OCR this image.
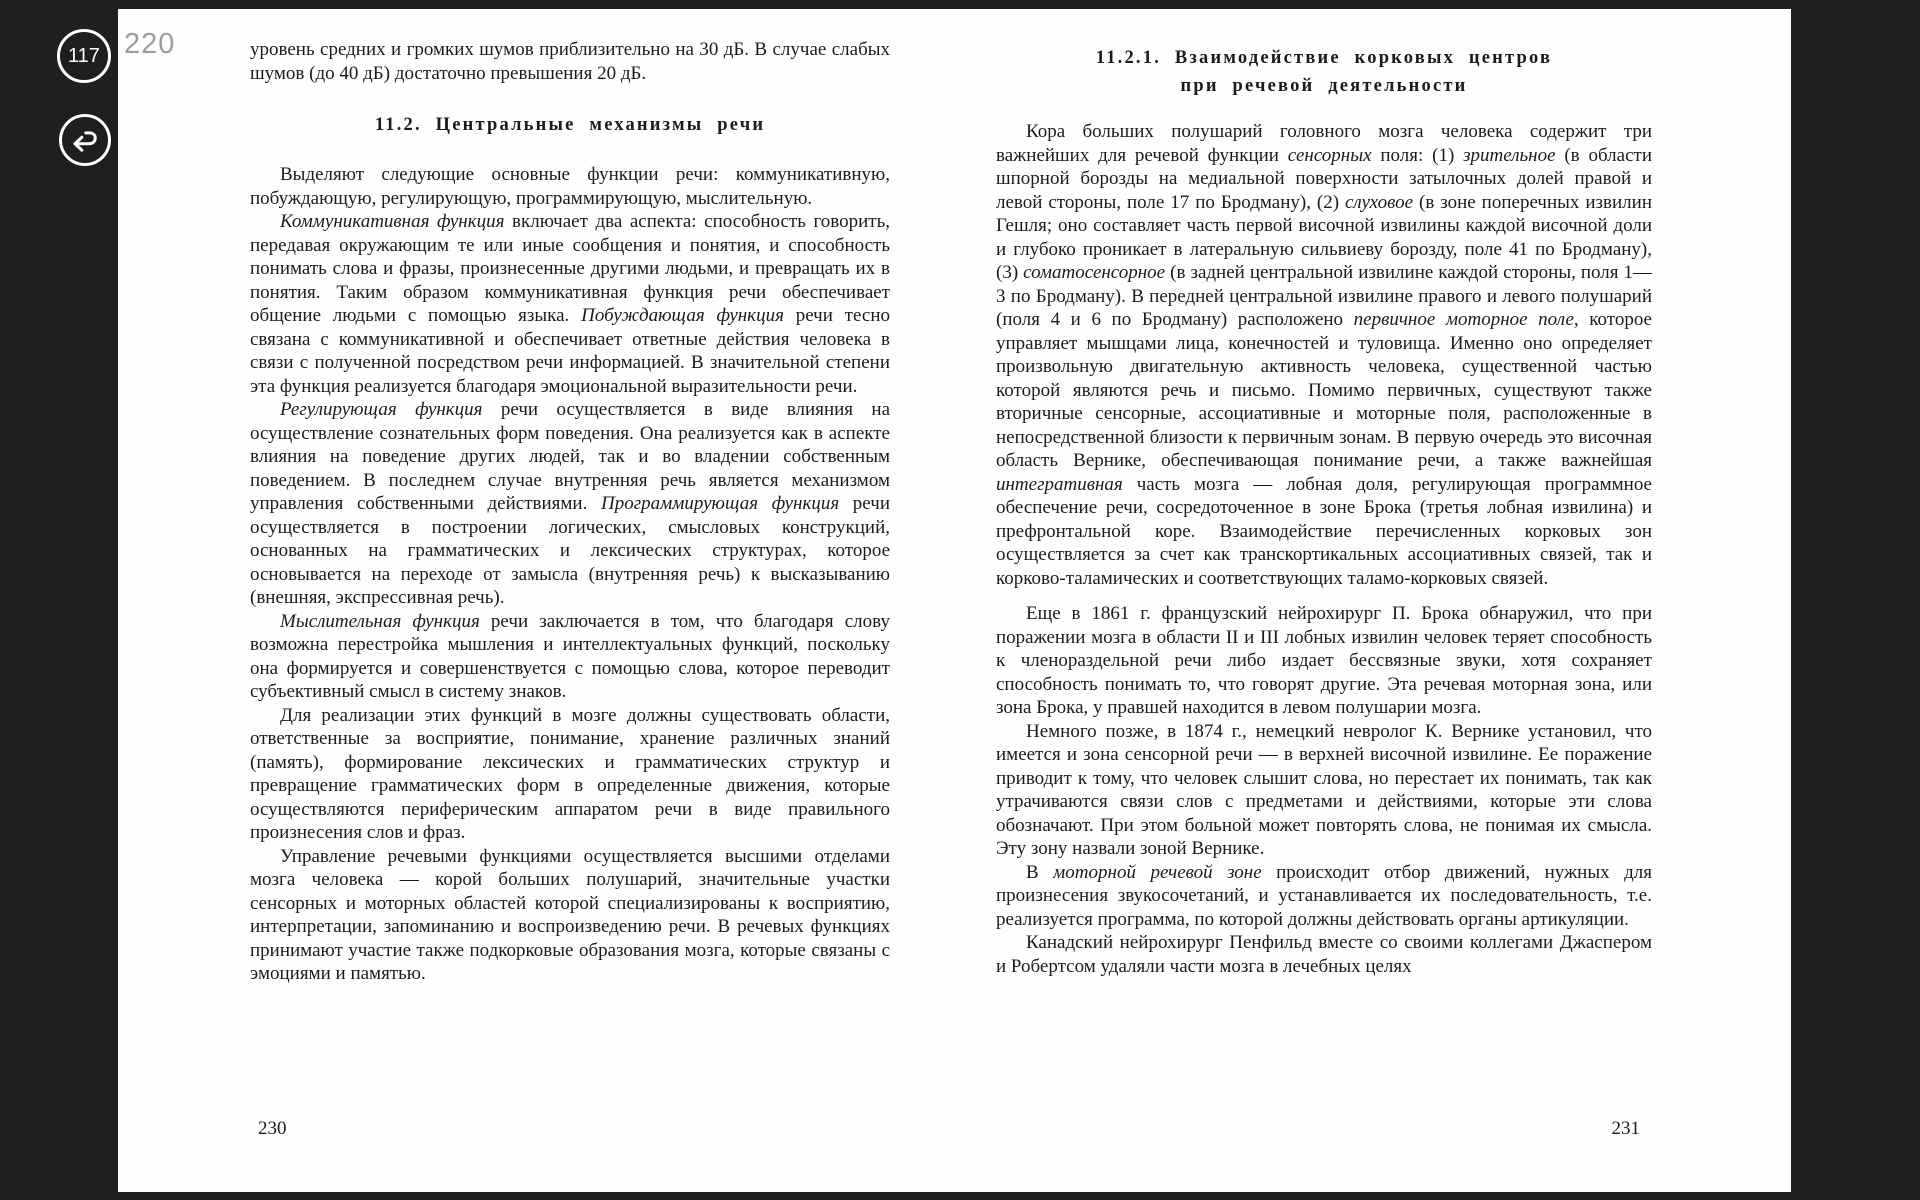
117 220	уровень средних и громких шумов приблизительно на 30 дБ. В случае слабых шумов (до 40 дБ) достаточно превышения 20 дБ.

11.2. Центральные механизмы речи

Выделяют следующие основные функции речи: коммуникативную, побуждающую, регулирующую, программирующую, мыслительную.

Коммуникативная функция включает два аспекта: способность говорить, передавая окружающим те или иные сообщения и понятия, и способность понимать слова и фразы, произнесенные другими людьми, и превращать их в понятия. Таким образом коммуникативная функция речи обеспечивает общение людьми с помощью языка. Побуждающая функция речи тесно связана с коммуникативной и обеспечивает ответные действия человека в связи с полученной посредством речи информацией. В значительной степени эта функция реализуется благодаря эмоциональной выразительности речи.

Регулирующая функция речи осуществляется в виде влияния на осуществление сознательных форм поведения. Она реализуется как в аспекте влияния на поведение других людей, так и во владении собственным поведением. В последнем случае внутренняя речь является механизмом управления собственными действиями. Программирующая функция речи осуществляется в построении логических, смысловых конструкций, основанных на грамматических и лексических структурах, которое основывается на переходе от замысла (внутренняя речь) к высказыванию (внешняя, экспрессивная речь).

Мыслительная функция речи заключается в том, что благодаря слову возможна перестройка мышления и интеллектуальных функций, поскольку она формируется и совершенствуется с помощью слова, которое переводит субъективный смысл в систему знаков.

Для реализации этих функций в мозге должны существовать области, ответственные за восприятие, понимание, хранение различных знаний (память), формирование лексических и грамматических структур и превращение грамматических форм в определенные движения, которые осуществляются периферическим аппаратом речи в виде правильного произнесения слов и фраз.

Управление речевыми функциями осуществляется высшими отделами мозга человека — корой больших полушарий, значительные участки сенсорных и моторных областей которой специализированы к восприятию, интерпретации, запоминанию и воспроизведению речи. В речевых функциях принимают участие также подкорковые образования мозга, которые связаны с эмоциями и памятью.

11.2.1. Взаимодействие корковых центров
при речевой деятельности

Кора больших полушарий головного мозга человека содержит три важнейших для речевой функции сенсорных поля: (1) зрительное (в области шпорной борозды на медиальной поверхности затылочных долей правой и левой стороны, поле 17 по Бродману), (2) слуховое (в зоне поперечных извилин Гешля; оно составляет часть первой височной извилины каждой височной доли и глубоко проникает в латеральную сильвиеву борозду, поле 41 по Бродману), (3) соматосенсорное (в задней центральной извилине каждой стороны, поля 1—3 по Бродману). В передней центральной извилине правого и левого полушарий (поля 4 и 6 по Бродману) расположено первичное моторное поле, которое управляет мышцами лица, конечностей и туловища. Именно оно определяет произвольную двигательную активность человека, существенной частью которой являются речь и письмо. Помимо первичных, существуют также вторичные сенсорные, ассоциативные и моторные поля, расположенные в непосредственной близости к первичным зонам. В первую очередь это височная область Вернике, обеспечивающая понимание речи, а также важнейшая интегративная часть мозга — лобная доля, регулирующая программное обеспечение речи, сосредоточенное в зоне Брока (третья лобная извилина) и префронтальной коре. Взаимодействие перечисленных корковых зон осуществляется за счет как транскортикальных ассоциативных связей, так и корково-таламических и соответствующих таламо-корковых связей.

Еще в 1861 г. французский нейрохирург П. Брока обнаружил, что при поражении мозга в области II и III лобных извилин человек теряет способность к членораздельной речи либо издает бессвязные звуки, хотя сохраняет способность понимать то, что говорят другие. Эта речевая моторная зона, или зона Брока, у правшей находится в левом полушарии мозга.

Немного позже, в 1874 г., немецкий невролог К. Вернике установил, что имеется и зона сенсорной речи — в верхней височной извилине. Ее поражение приводит к тому, что человек слышит слова, но перестает их понимать, так как утрачиваются связи слов с предметами и действиями, которые эти слова обозначают. При этом больной может повторять слова, не понимая их смысла. Эту зону назвали зоной Вернике.

В моторной речевой зоне происходит отбор движений, нужных для произнесения звукосочетаний, и устанавливается их последовательность, т.е. реализуется программа, по которой должны действовать органы артикуляции.

Канадский нейрохирург Пенфильд вместе со своими коллегами Джаспером и Робертсом удаляли части мозга в лечебных целях

230	231
